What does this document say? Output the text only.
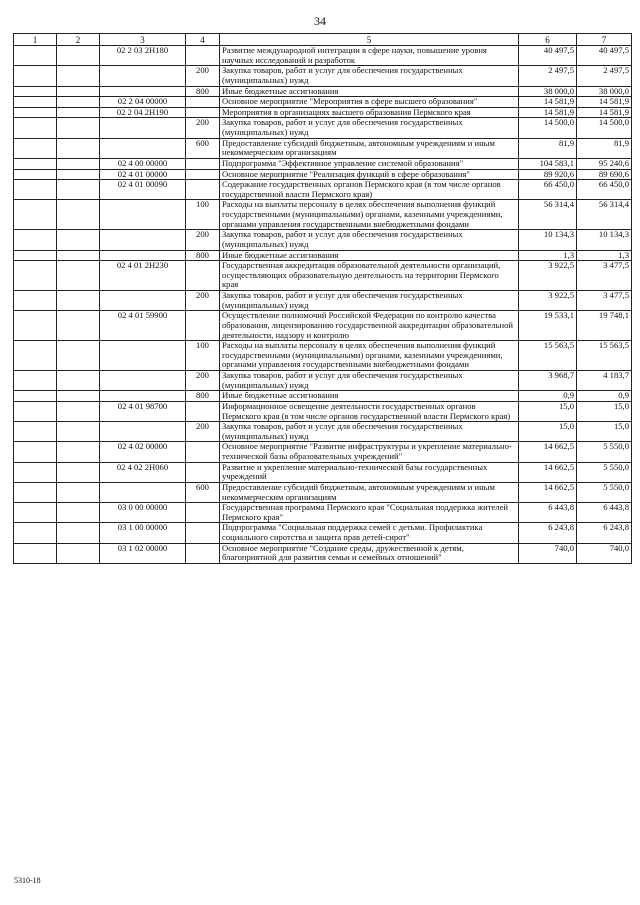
34
1	2	3	4	5	6	7
		02 2 03 2Н180		Развитие международной интеграции в сфере науки, повышение уровня научных исследований и разработок	40 497,5	40 497,5
			200	Закупка товаров, работ и услуг для обеспечения государственных (муниципальных) нужд	2 497,5	2 497,5
			800	Иные бюджетные ассигнования	38 000,0	38 000,0
		02 2 04 00000		Основное мероприятие "Мероприятия в сфере высшего образования"	14 581,9	14 581,9
		02 2 04 2Н190		Мероприятия в организациях высшего образования Пермского края	14 581,9	14 581,9
			200	Закупка товаров, работ и услуг для обеспечения государственных (муниципальных) нужд	14 500,0	14 500,0
			600	Предоставление субсидий бюджетным, автономным учреждениям и иным некоммерческим организациям	81,9	81,9
		02 4 00 00000		Подпрограмма "Эффективное управление системой образования"	104 583,1	95 240,6
		02 4 01 00000		Основное мероприятие "Реализация функций в сфере образования"	89 920,6	89 690,6
		02 4 01 00090		Содержание государственных органов Пермского края (в том числе органов государственной власти Пермского края)	66 450,0	66 450,0
			100	Расходы на выплаты персоналу в целях обеспечения выполнения функций государственными (муниципальными) органами, казенными учреждениями, органами управления государственными внебюджетными фондами	56 314,4	56 314,4
			200	Закупка товаров, работ и услуг для обеспечения государственных (муниципальных) нужд	10 134,3	10 134,3
			800	Иные бюджетные ассигнования	1,3	1,3
		02 4 01 2Н230		Государственная аккредитация образовательной деятельности организаций, осуществляющих образовательную деятельность на территории Пермского края	3 922,5	3 477,5
			200	Закупка товаров, работ и услуг для обеспечения государственных (муниципальных) нужд	3 922,5	3 477,5
		02 4 01 59900		Осуществление полномочий Российской Федерации по контролю качества образования, лицензированию государственной аккредитации образовательной деятельности, надзору и контролю	19 533,1	19 748,1
			100	Расходы на выплаты персоналу в целях обеспечения выполнения функций государственными (муниципальными) органами, казенными учреждениями, органами управления государственными внебюджетными фондами	15 563,5	15 563,5
			200	Закупка товаров, работ и услуг для обеспечения государственных (муниципальных) нужд	3 968,7	4 183,7
			800	Иные бюджетные ассигнования	0,9	0,9
		02 4 01 98700		Информационное освещение деятельности государственных органов Пермского края (в том числе органов государственной власти Пермского края)	15,0	15,0
			200	Закупка товаров, работ и услуг для обеспечения государственных (муниципальных) нужд	15,0	15,0
		02 4 02 00000		Основное мероприятие "Развитие инфраструктуры и укрепление материально-технической базы образовательных учреждений"	14 662,5	5 550,0
		02 4 02 2Н060		Развитие и укрепление материально-технической базы государственных учреждений	14 662,5	5 550,0
			600	Предоставление субсидий бюджетным, автономным учреждениям и иным некоммерческим организациям	14 662,5	5 550,0
		03 0 00 00000		Государственная программа Пермского края "Социальная поддержка жителей Пермского края"	6 443,8	6 443,8
		03 1 00 00000		Подпрограмма "Социальная поддержка семей с детьми. Профилактика социального сиротства и защита прав детей-сирот"	6 243,8	6 243,8
		03 1 02 00000		Основное мероприятие "Создание среды, дружественной к детям, благоприятной для развития семьи и семейных отношений"	740,0	740,0
5310-18
